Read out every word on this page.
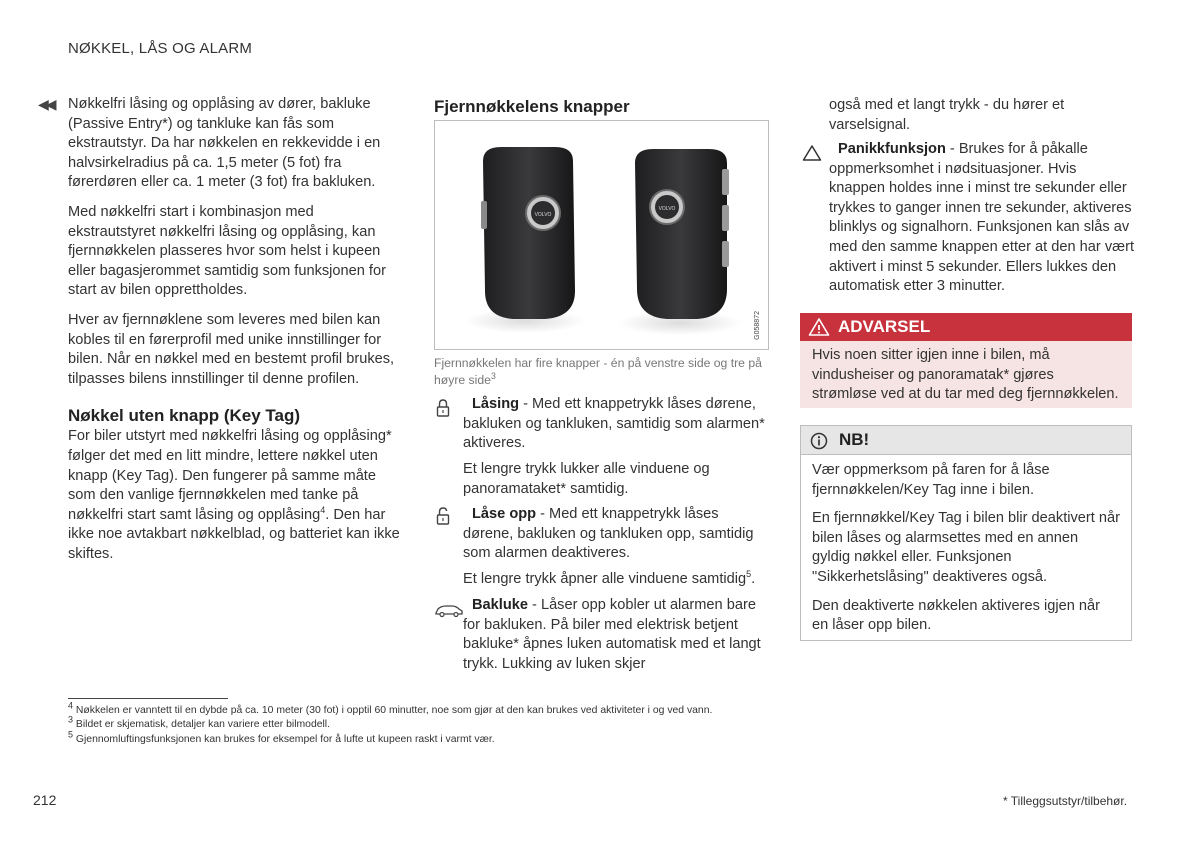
NØKKEL, LÅS OG ALARM
◀◀ Nøkkelfri låsing og opplåsing av dører, bakluke (Passive Entry*) og tankluke kan fås som ekstrautstyr. Da har nøkkelen en rekkevidde i en halvsirkelradius på ca. 1,5 meter (5 fot) fra førerdøren eller ca. 1 meter (3 fot) fra bakluken.

Med nøkkelfri start i kombinasjon med ekstrautstyret nøkkelfri låsing og opplåsing, kan fjernnøkkelen plasseres hvor som helst i kupeen eller bagasjerommet samtidig som funksjonen for start av bilen opprettholdes.

Hver av fjernnøklene som leveres med bilen kan kobles til en førerprofil med unike innstillinger for bilen. Når en nøkkel med en bestemt profil brukes, tilpasses bilens innstillinger til denne profilen.

Nøkkel uten knapp (Key Tag)

For biler utstyrt med nøkkelfri låsing og opplåsing* følger det med en litt mindre, lettere nøkkel uten knapp (Key Tag). Den fungerer på samme måte som den vanlige fjernnøkkelen med tanke på nøkkelfri start samt låsing og opplåsing$^4$. Den har ikke noe avtakbart nøkkelblad, og batteriet kan ikke skiftes.

Fjernnøkkelens knapper
VOLVO
VOLVO
G058872
Fjernnøkkelen har fire knapper - én på venstre side og tre på høyre side$^3$
Låsing - Med ett knappetrykk låses dørene, bakluken og tankluken, samtidig som alarmen* aktiveres.
Et lengre trykk lukker alle vinduene og panoramataket* samtidig.
Låse opp - Med ett knappetrykk låses dørene, bakluken og tankluken opp, samtidig som alarmen deaktiveres.
Et lengre trykk åpner alle vinduene samtidig$^5$.
Bakluke - Låser opp kobler ut alarmen bare for bakluken. På biler med elektrisk betjent bakluke* åpnes luken automatisk med et langt trykk. Lukking av luken skjer
også med et langt trykk - du hører et varselsignal.
Panikkfunksjon - Brukes for å påkalle oppmerksomhet i nødsituasjoner. Hvis knappen holdes inne i minst tre sekunder eller trykkes to ganger innen tre sekunder, aktiveres blinklys og signalhorn. Funksjonen kan slås av med den samme knappen etter at den har vært aktivert i minst 5 sekunder. Ellers lukkes den automatisk etter 3 minutter.
ADVARSEL
Hvis noen sitter igjen inne i bilen, må vindusheiser og panoramatak* gjøres strømløse ved at du tar med deg fjernnøkkelen.
NB!

Vær oppmerksom på faren for å låse fjernnøkkelen/Key Tag inne i bilen.

En fjernnøkkel/Key Tag i bilen blir deaktivert når bilen låses og alarmsettes med en annen gyldig nøkkel eller. Funksjonen "Sikkerhetslåsing" deaktiveres også.

Den deaktiverte nøkkelen aktiveres igjen når en låser opp bilen.

$^4$ Nøkkelen er vanntett til en dybde på ca. 10 meter (30 fot) i opptil 60 minutter, noe som gjør at den kan brukes ved aktiviteter i og ved vann.
$^3$ Bildet er skjematisk, detaljer kan variere etter bilmodell.
$^5$ Gjennomluftingsfunksjonen kan brukes for eksempel for å lufte ut kupeen raskt i varmt vær.
212	* Tilleggsutstyr/tilbehør.
